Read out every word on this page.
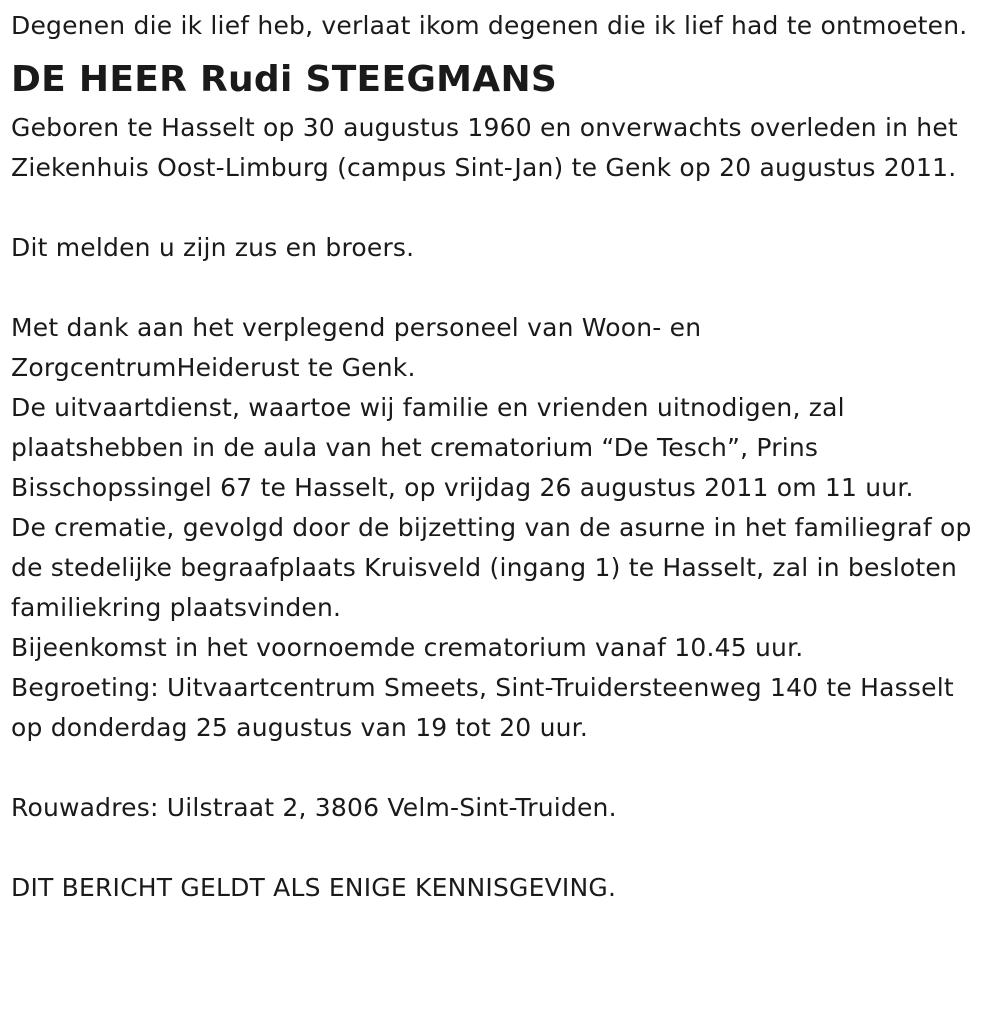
Degenen die ik lief heb, verlaat ikom degenen die ik lief had te ontmoeten.

DE HEER Rudi STEEGMANS

Geboren te Hasselt op 30 augustus 1960 en onverwachts overleden in het Ziekenhuis Oost-Limburg (campus Sint-Jan) te Genk op 20 augustus 2011.

Dit melden u zijn zus en broers.

Met dank aan het verplegend personeel van Woon- en ZorgcentrumHeiderust te Genk.

De uitvaartdienst, waartoe wij familie en vrienden uitnodigen, zal plaatshebben in de aula van het crematorium “De Tesch”, Prins Bisschopssingel 67 te Hasselt, op vrijdag 26 augustus 2011 om 11 uur.

De crematie, gevolgd door de bijzetting van de asurne in het familiegraf op de stedelijke begraafplaats Kruisveld (ingang 1) te Hasselt, zal in besloten familiekring plaatsvinden.

Bijeenkomst in het voornoemde crematorium vanaf 10.45 uur.

Begroeting: Uitvaartcentrum Smeets, Sint-Truidersteenweg 140 te Hasselt op donderdag 25 augustus van 19 tot 20 uur.

Rouwadres: Uilstraat 2, 3806 Velm-Sint-Truiden.

DIT BERICHT GELDT ALS ENIGE KENNISGEVING.
